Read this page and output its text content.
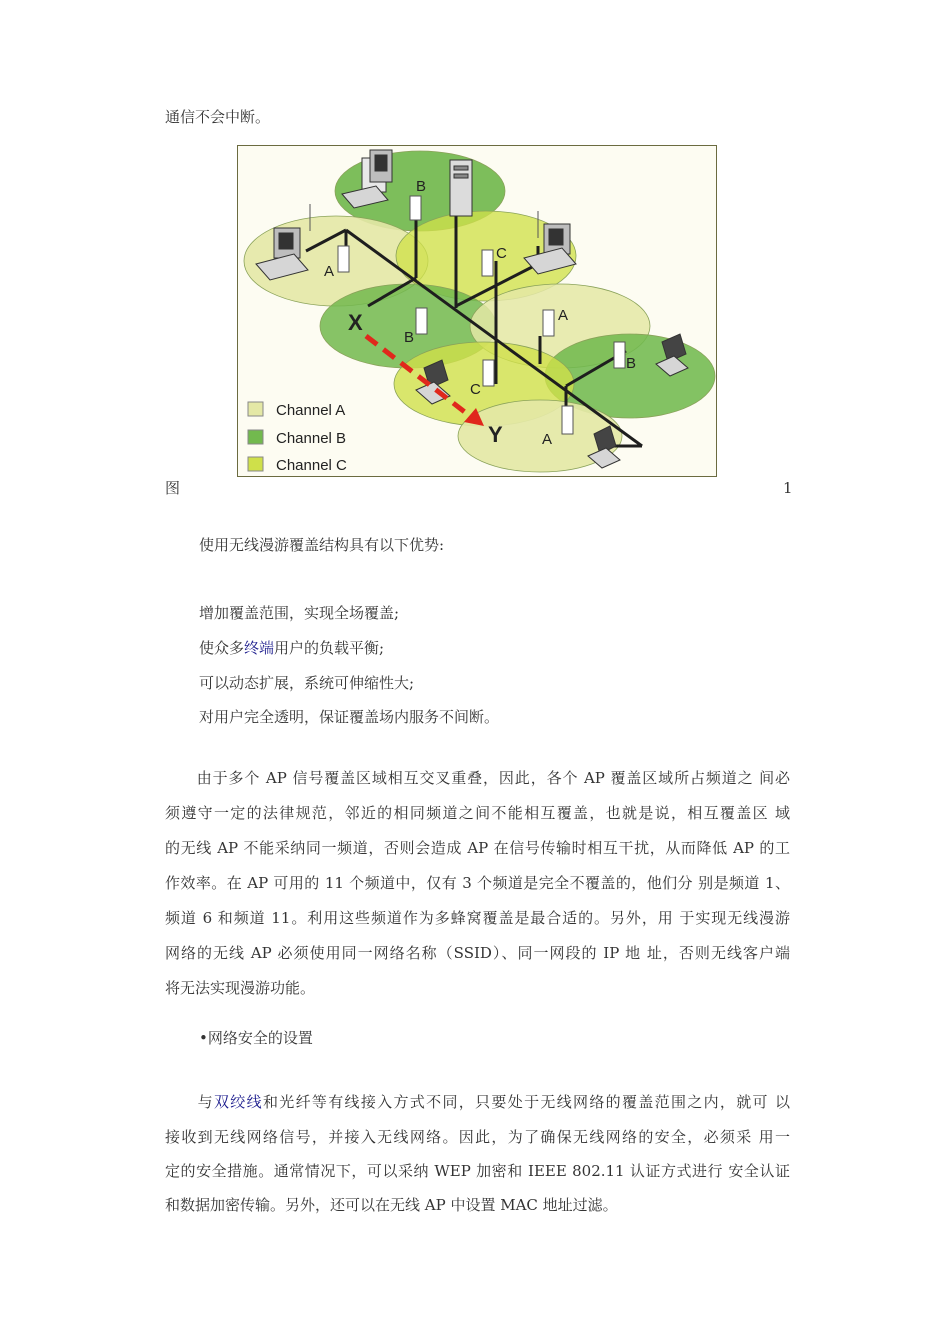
通信不会中断。
B
A
C
B
A
C
B
A
X
Y
Channel A
Channel B
Channel C
图	1
使用无线漫游覆盖结构具有以下优势:
增加覆盖范围，实现全场覆盖;
使众多终端用户的负载平衡;
可以动态扩展，系统可伸缩性大;
对用户完全透明，保证覆盖场内服务不间断。
　　由于多个 AP 信号覆盖区域相互交叉重叠，因此，各个 AP 覆盖区域所占频道之 间必
须遵守一定的法律规范，邻近的相同频道之间不能相互覆盖，也就是说，相互覆盖区 域
的无线 AP 不能采纳同一频道，否则会造成 AP 在信号传输时相互干扰，从而降低 AP 的工
作效率。在 AP 可用的 11 个频道中，仅有 3 个频道是完全不覆盖的，他们分 别是频道 1、
频道 6 和频道 11。利用这些频道作为多蜂窝覆盖是最合适的。另外，用 于实现无线漫游
网络的无线 AP 必须使用同一网络名称（SSID）、同一网段的 IP 地 址，否则无线客户端
将无法实现漫游功能。
•网络安全的设置
　　与双绞线和光纤等有线接入方式不同，只要处于无线网络的覆盖范围之内，就可 以
接收到无线网络信号，并接入无线网络。因此，为了确保无线网络的安全，必须采 用一
定的安全措施。通常情况下，可以采纳 WEP 加密和 IEEE 802.11 认证方式进行 安全认证
和数据加密传输。另外，还可以在无线 AP 中设置 MAC 地址过滤。
